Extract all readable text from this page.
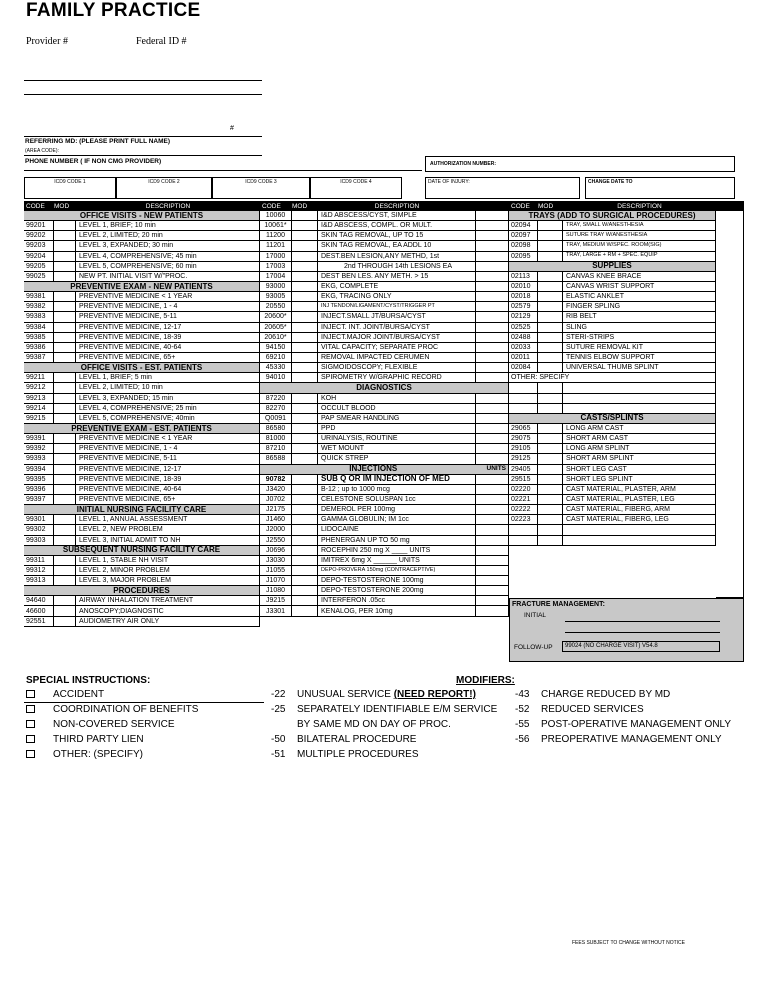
FAMILY PRACTICE
Provider #	Federal ID #
#
REFERRING MD: (PLEASE PRINT FULL NAME)
(AREA CODE):
PHONE NUMBER ( IF NON CMG PROVIDER)	AUTHORIZATION NUMBER:
ICD9 CODE 1	ICD9 CODE 2	ICD9 CODE 3	ICD9 CODE 4	DATE OF INJURY:	CHANGE DATE TO
CODE	MOD	DESCRIPTION
OFFICE VISITS - NEW PATIENTS
99201	LEVEL 1, BRIEF; 10 min
99202	LEVEL 2, LIMITED; 20 min
99203	LEVEL 3, EXPANDED; 30 min
99204	LEVEL 4, COMPREHENSIVE; 45 min
99205	LEVEL 5, COMPREHENSIVE; 60 min
99025	NEW PT. INITIAL VISIT W/"PROC.
PREVENTIVE EXAM - NEW PATIENTS
99381	PREVENTIVE MEDICINE < 1 YEAR
99382	PREVENTIVE MEDICINE, 1 - 4
99383	PREVENTIVE MEDICINE, 5-11
99384	PREVENTIVE MEDICINE, 12-17
99385	PREVENTIVE MEDICINE, 18-39
99386	PREVENTIVE MEDICINE, 40-64
99387	PREVENTIVE MEDICINE, 65+
OFFICE VISITS - EST. PATIENTS
99211	LEVEL 1, BRIEF; 5 min
99212	LEVEL 2, LIMITED; 10 min
99213	LEVEL 3, EXPANDED; 15 min
99214	LEVEL 4, COMPREHENSIVE; 25 min
99215	LEVEL 5, COMPREHENSIVE; 40min
PREVENTIVE EXAM - EST. PATIENTS
99391	PREVENTIVE MEDICINE < 1 YEAR
99392	PREVENTIVE MEDICINE, 1 - 4
99393	PREVENTIVE MEDICINE, 5-11
99394	PREVENTIVE MEDICINE, 12-17
99395	PREVENTIVE MEDICINE, 18-39
99396	PREVENTIVE MEDICINE, 40-64
99397	PREVENTIVE MEDICINE, 65+
INITIAL NURSING FACILITY CARE
99301	LEVEL 1, ANNUAL ASSESSMENT
99302	LEVEL 2, NEW PROBLEM
99303	LEVEL 3, INITIAL ADMIT TO NH
SUBSEQUENT NURSING FACILITY CARE
99311	LEVEL 1, STABLE NH VISIT
99312	LEVEL 2, MINOR PROBLEM
99313	LEVEL 3, MAJOR PROBLEM
PROCEDURES
94640	AIRWAY INHALATION TREATMENT
46600	ANOSCOPY;DIAGNOSTIC
92551	AUDIOMETRY AIR ONLY
CODE	MOD	DESCRIPTION
10060	I&D ABSCESS/CYST, SIMPLE
10061*	I&D ABSCESS, COMPL. OR MULT.
11200	SKIN TAG REMOVAL, UP TO 15
11201	SKIN TAG REMOVAL, EA ADDL 10
17000	DEST.BEN LESION,ANY METHD, 1st
17003	2nd THROUGH 14th LESIONS EA
17004	DEST BEN LES. ANY METH. > 15
93000	EKG, COMPLETE
93005	EKG, TRACING ONLY
20550	INJ TENDON/LIGAMENT/CYST/TRIGGER PT
20600*	INJECT.SMALL JT/BURSA/CYST
20605*	INJECT. INT. JOINT/BURSA/CYST
20610*	INJECT.MAJOR JOINT/BURSA/CYST
94150	VITAL CAPACITY; SEPARATE PROC
69210	REMOVAL IMPACTED CERUMEN
45330	SIGMOIDOSCOPY; FLEXIBLE
94010	SPIROMETRY W/GRAPHIC RECORD
DIAGNOSTICS
87220	KOH
82270	OCCULT BLOOD
Q0091	PAP SMEAR HANDLING
86580	PPD
81000	URINALYSIS, ROUTINE
87210	WET MOUNT
86588	QUICK STREP
INJECTIONS	UNITS
90782	SUB Q OR IM INJECTION OF MED
J3420	B-12 ; up to 1000 mcg
J0702	CELESTONE SOLUSPAN 1cc
J2175	DEMEROL PER 100mg
J1460	GAMMA GLOBULIN; IM 1cc
J2000	LIDOCAINE
J2550	PHENERGAN UP TO 50 mg
J0696	ROCEPHIN 250 mg X ____ UNITS
J3030	IMITREX 6mg X ______ UNITS
J1055	DEPO-PROVERA 150mg (CONTRACEPTIVE)
J1070	DEPO-TESTOSTERONE 100mg
J1080	DEPO-TESTOSTERONE 200mg
J9215	INTERFERON .05cc
J3301	KENALOG, PER 10mg
CODE	MOD	DESCRIPTION
TRAYS (ADD TO SURGICAL PROCEDURES)
02094	TRAY, SMALL W/ANESTHESIA
02097	SUTURE TRAY W/ANESTHESIA
02098	TRAY, MEDIUM W/SPEC. ROOM(SIG)
02095	TRAY, LARGE + RM + SPEC. EQUIP
SUPPLIES
02113	CANVAS KNEE BRACE
02010	CANVAS WRIST SUPPORT
02018	ELASTIC ANKLET
02579	FINGER SPLING
02129	RIB BELT
02525	SLING
02488	STERI-STRIPS
02033	SUTURE REMOVAL KIT
02011	TENNIS ELBOW SUPPORT
02084	UNIVERSAL THUMB SPLINT
OTHER: SPECIFY
CASTS/SPLINTS
29065	LONG ARM CAST
29075	SHORT ARM CAST
29105	LONG ARM SPLINT
29125	SHORT ARM SPLINT
29405	SHORT LEG CAST
29515	SHORT LEG SPLINT
02220	CAST MATERIAL, PLASTER, ARM
02221	CAST MATERIAL, PLASTER, LEG
02222	CAST MATERIAL, FIBERG, ARM
02223	CAST MATERIAL, FIBERG, LEG
FRACTURE MANAGEMENT:
INITIAL
FOLLOW-UP	99024 (NO CHARGE VISIT) V54.8
SPECIAL INSTRUCTIONS:
ACCIDENT
COORDINATION OF BENEFITS
NON-COVERED SERVICE
THIRD PARTY LIEN
OTHER: (SPECIFY)
MODIFIERS:
-22 UNUSUAL SERVICE (NEED REPORT!)
-25 SEPARATELY IDENTIFIABLE E/M SERVICE
BY SAME MD ON DAY OF PROC.
-50 BILATERAL PROCEDURE
-51 MULTIPLE PROCEDURES
-43 CHARGE REDUCED BY MD
-52 REDUCED SERVICES
-55 POST-OPERATIVE MANAGEMENT ONLY
-56 PREOPERATIVE MANAGEMENT ONLY
FEES SUBJECT TO CHANGE WITHOUT NOTICE
